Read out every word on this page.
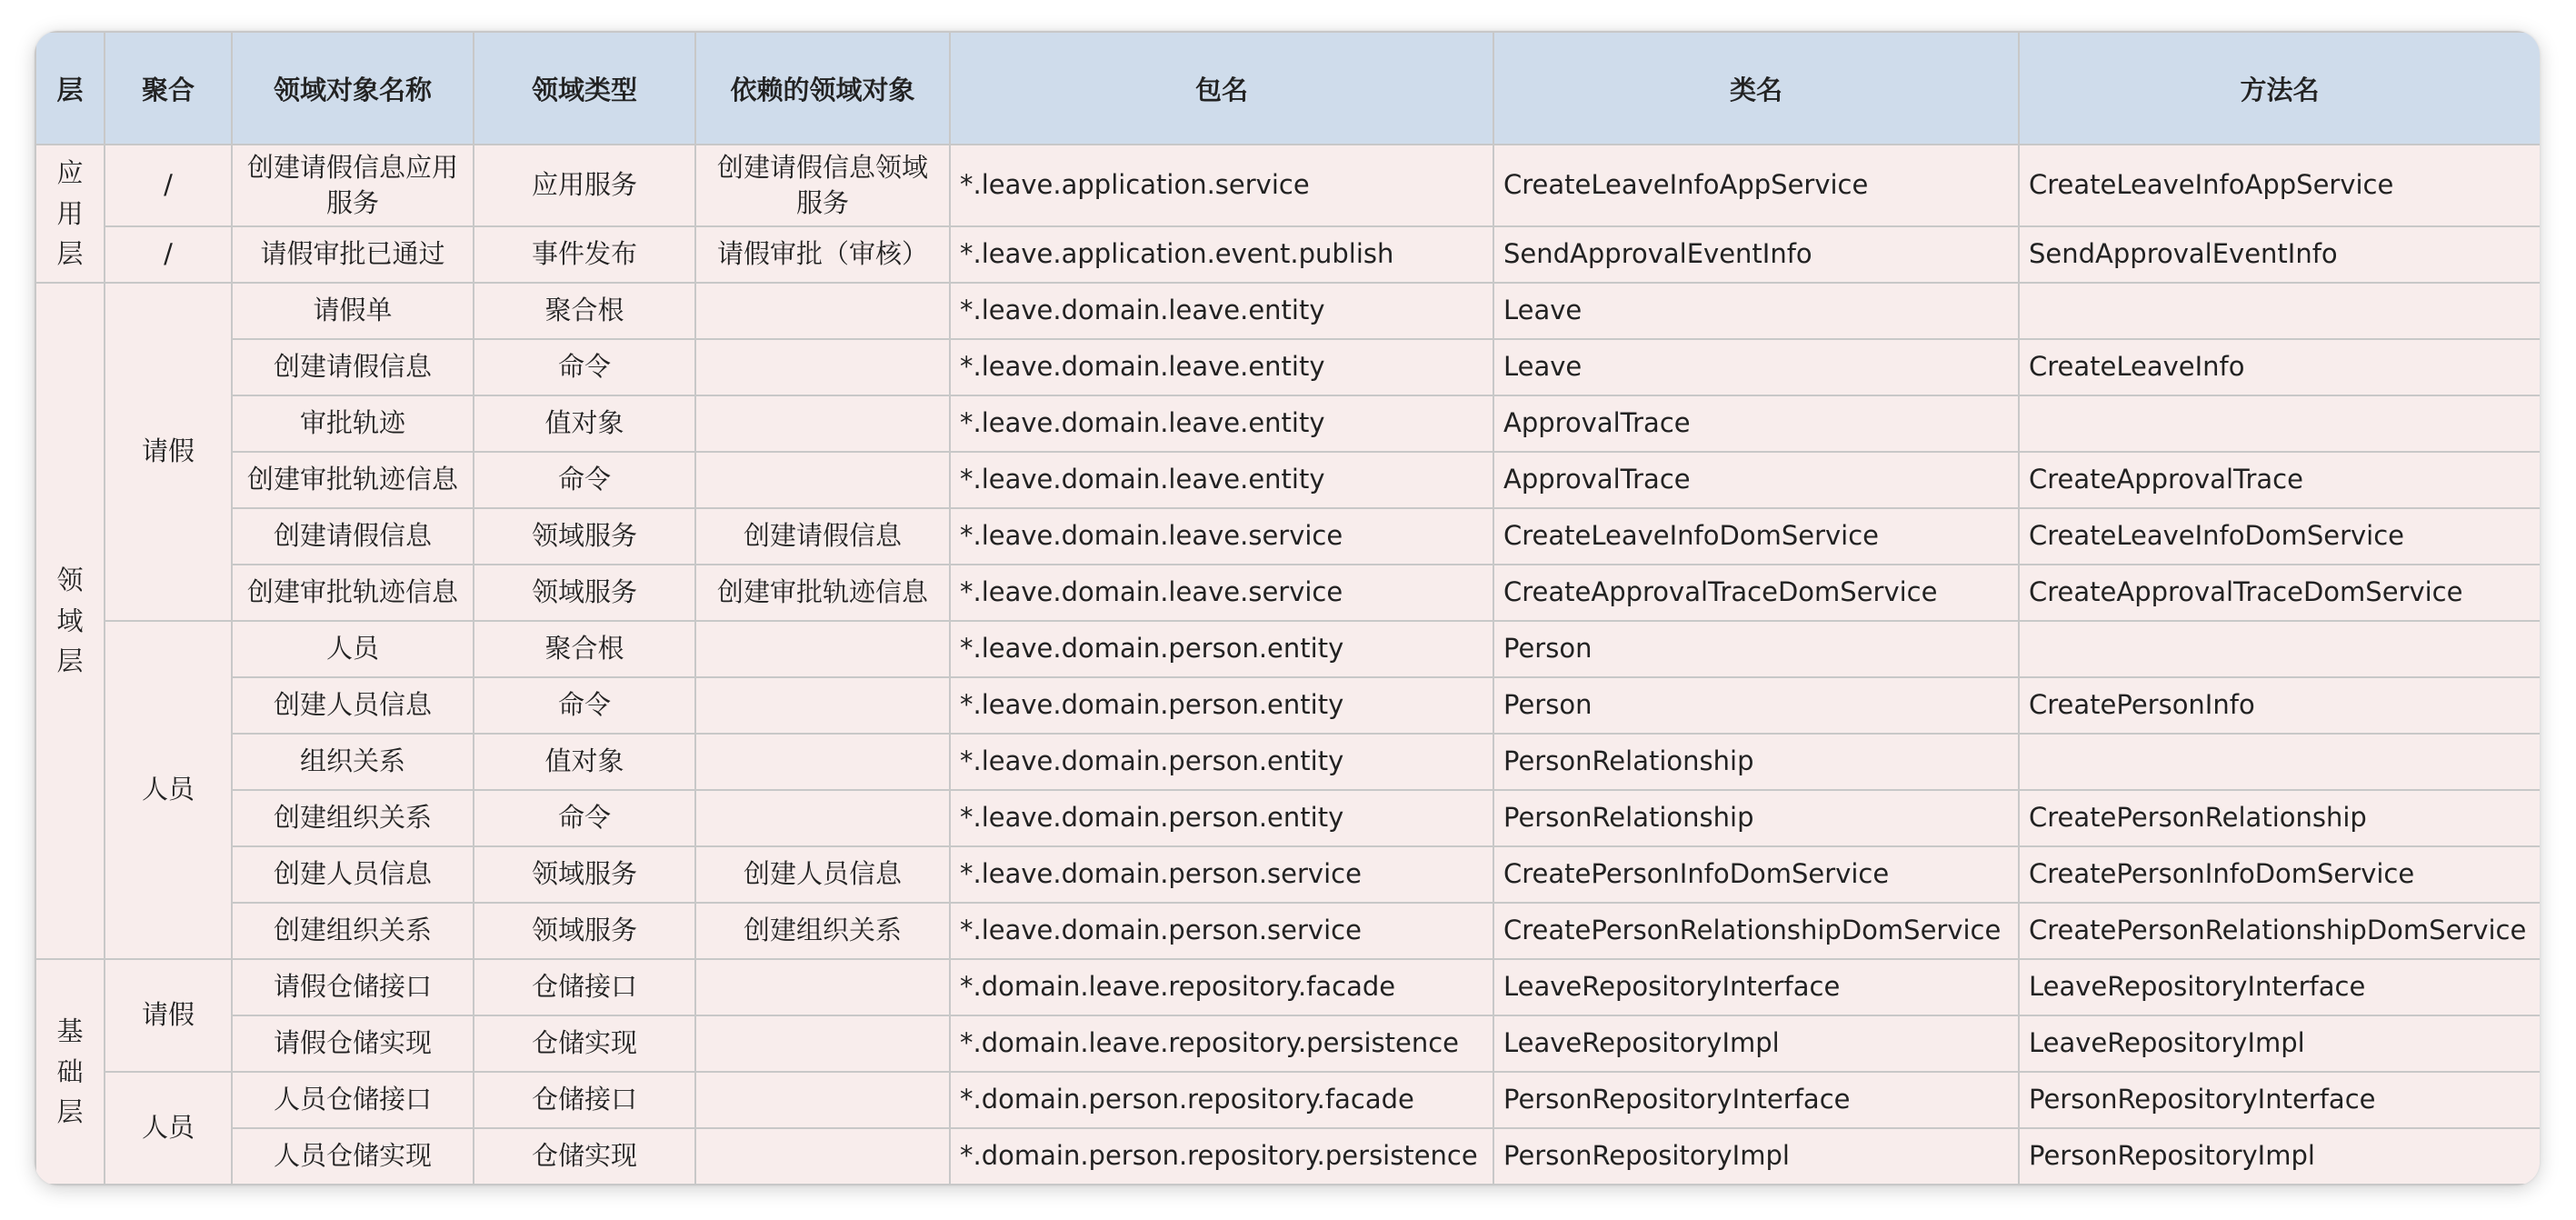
层	聚合	领域对象名称	领域类型	依赖的领域对象	包名	类名	方法名
应用层	/	创建请假信息应用服务	应用服务	创建请假信息领域服务	*.leave.application.service	CreateLeaveInfoAppService	CreateLeaveInfoAppService
	/	请假审批已通过	事件发布	请假审批（审核）	*.leave.application.event.publish	SendApprovalEventInfo	SendApprovalEventInfo
领域层	请假	请假单	聚合根		*.leave.domain.leave.entity	Leave	
		创建请假信息	命令		*.leave.domain.leave.entity	Leave	CreateLeaveInfo
		审批轨迹	值对象		*.leave.domain.leave.entity	ApprovalTrace	
		创建审批轨迹信息	命令		*.leave.domain.leave.entity	ApprovalTrace	CreateApprovalTrace
		创建请假信息	领域服务	创建请假信息	*.leave.domain.leave.service	CreateLeaveInfoDomService	CreateLeaveInfoDomService
		创建审批轨迹信息	领域服务	创建审批轨迹信息	*.leave.domain.leave.service	CreateApprovalTraceDomService	CreateApprovalTraceDomService
	人员	人员	聚合根		*.leave.domain.person.entity	Person	
		创建人员信息	命令		*.leave.domain.person.entity	Person	CreatePersonInfo
		组织关系	值对象		*.leave.domain.person.entity	PersonRelationship	
		创建组织关系	命令		*.leave.domain.person.entity	PersonRelationship	CreatePersonRelationship
		创建人员信息	领域服务	创建人员信息	*.leave.domain.person.service	CreatePersonInfoDomService	CreatePersonInfoDomService
		创建组织关系	领域服务	创建组织关系	*.leave.domain.person.service	CreatePersonRelationshipDomService	CreatePersonRelationshipDomService
基础层	请假	请假仓储接口	仓储接口		*.domain.leave.repository.facade	LeaveRepositoryInterface	LeaveRepositoryInterface
		请假仓储实现	仓储实现		*.domain.leave.repository.persistence	LeaveRepositoryImpl	LeaveRepositoryImpl
	人员	人员仓储接口	仓储接口		*.domain.person.repository.facade	PersonRepositoryInterface	PersonRepositoryInterface
		人员仓储实现	仓储实现		*.domain.person.repository.persistence	PersonRepositoryImpl	PersonRepositoryImpl
